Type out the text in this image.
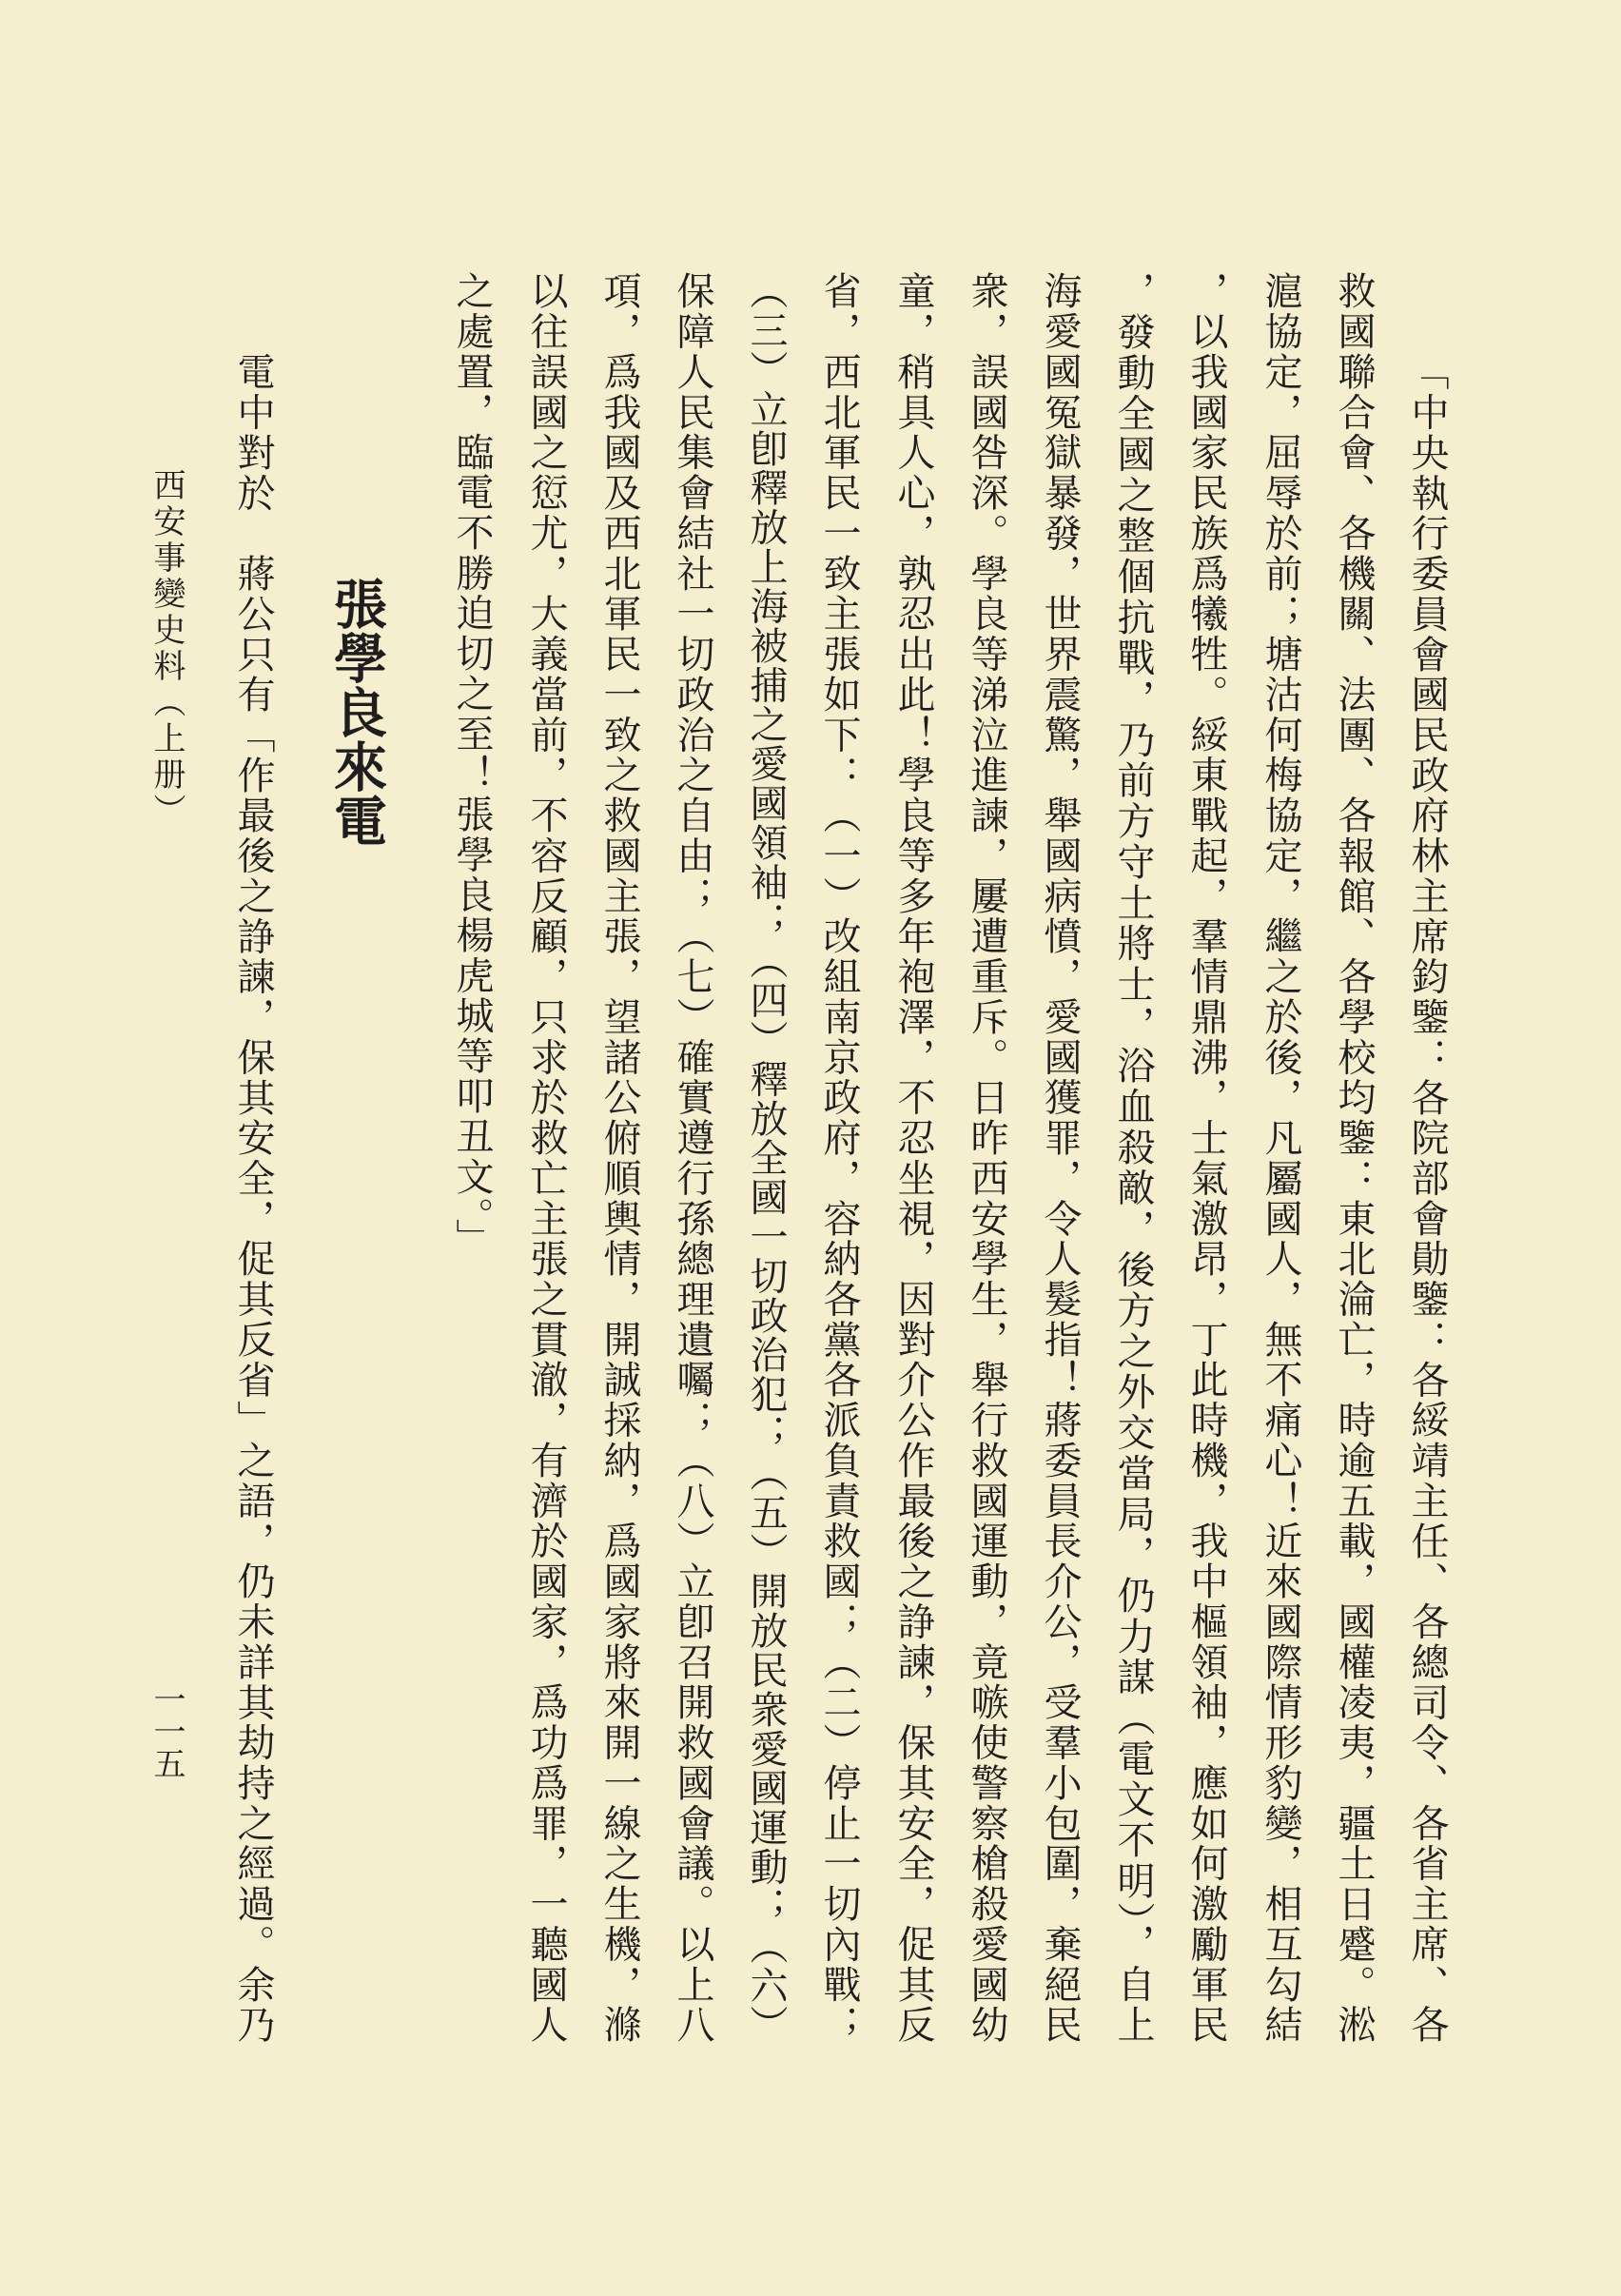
「中央執行委員會國民政府林主席鈞鑒：各院部會勛鑒：各綏靖主任、各總司令、各省主席、各
救國聯合會、各機關、法團、各報館、各學校均鑒：東北淪亡，時逾五載，國權凌夷，疆土日蹙。淞
滬協定，屈辱於前；塘沽何梅協定，繼之於後，凡屬國人，無不痛心！近來國際情形豹變，相互勾結
，以我國家民族爲犧牲。綏東戰起，羣情鼎沸，士氣激昂，丁此時機，我中樞領袖，應如何激勵軍民
，發動全國之整個抗戰，乃前方守土將士，浴血殺敵，後方之外交當局，仍力謀（電文不明），自上
海愛國冤獄暴發，世界震驚，舉國病憤，愛國獲罪，令人髮指！蔣委員長介公，受羣小包圍，棄絕民
衆，誤國咎深。學良等涕泣進諫，屢遭重斥。日昨西安學生，舉行救國運動，竟嗾使警察槍殺愛國幼
童，稍具人心，孰忍出此！學良等多年袍澤，不忍坐視，因對介公作最後之諍諫，保其安全，促其反
省，西北軍民一致主張如下：（一）改組南京政府，容納各黨各派負責救國；（二）停止一切內戰；
（三）立卽釋放上海被捕之愛國領袖；（四）釋放全國一切政治犯；（五）開放民衆愛國運動；（六）
保障人民集會結社一切政治之自由；（七）確實遵行孫總理遺囑；（八）立卽召開救國會議。以上八
項，爲我國及西北軍民一致之救國主張，望諸公俯順輿情，開誠採納，爲國家將來開一線之生機，滌
以往誤國之愆尤，大義當前，不容反顧，只求於救亡主張之貫澈，有濟於國家，爲功爲罪，一聽國人
之處置，臨電不勝迫切之至！張學良楊虎城等叩丑文。」
張學良來電
電中對於　蔣公只有「作最後之諍諫，保其安全，促其反省」之語，仍未詳其劫持之經過。余乃
西安事變史料（上册）
一一五
